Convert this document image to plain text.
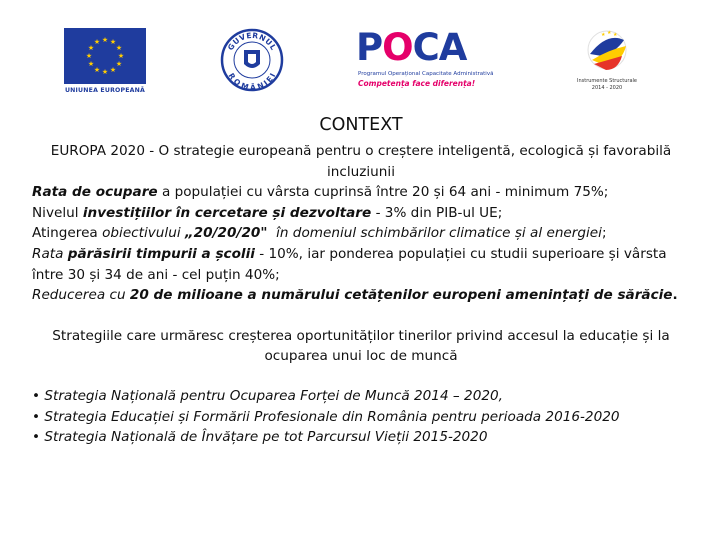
★ ★
★
★
★
★
★
★
★
★
★
★
UNIUNEA EUROPEANĂ
GUVERNUL
ROMÂNIEI
POCA
Programul Operațional Capacitate Administrativă
Competența face diferența!
★ ★ ★
Instrumente Structurale
2014 - 2020
CONTEXT

EUROPA 2020 - O strategie europeană pentru o creștere inteligentă, ecologică și favorabilă incluziunii

Rata de ocupare a populației cu vârsta cuprinsă între 20 și 64 ani - minimum 75%;

Nivelul investițiilor în cercetare și dezvoltare - 3% din PIB-ul UE;

Atingerea obiectivului „20/20/20"  în domeniul schimbărilor climatice și al energiei;

Rata părăsirii timpurii a școlii - 10%, iar ponderea populației cu studii superioare și vârsta între 30 și 34 de ani - cel puțin 40%;

Reducerea cu 20 de milioane a numărului cetățenilor europeni amenințați de sărăcie.

Strategiile care urmăresc creșterea oportunităților tinerilor privind accesul la educație și la ocuparea unui loc de muncă

• Strategia Națională pentru Ocuparea Forței de Muncă 2014 – 2020,
• Strategia Educației și Formării Profesionale din România pentru perioada 2016-2020
• Strategia Națională de Învățare pe tot Parcursul Vieții 2015-2020
